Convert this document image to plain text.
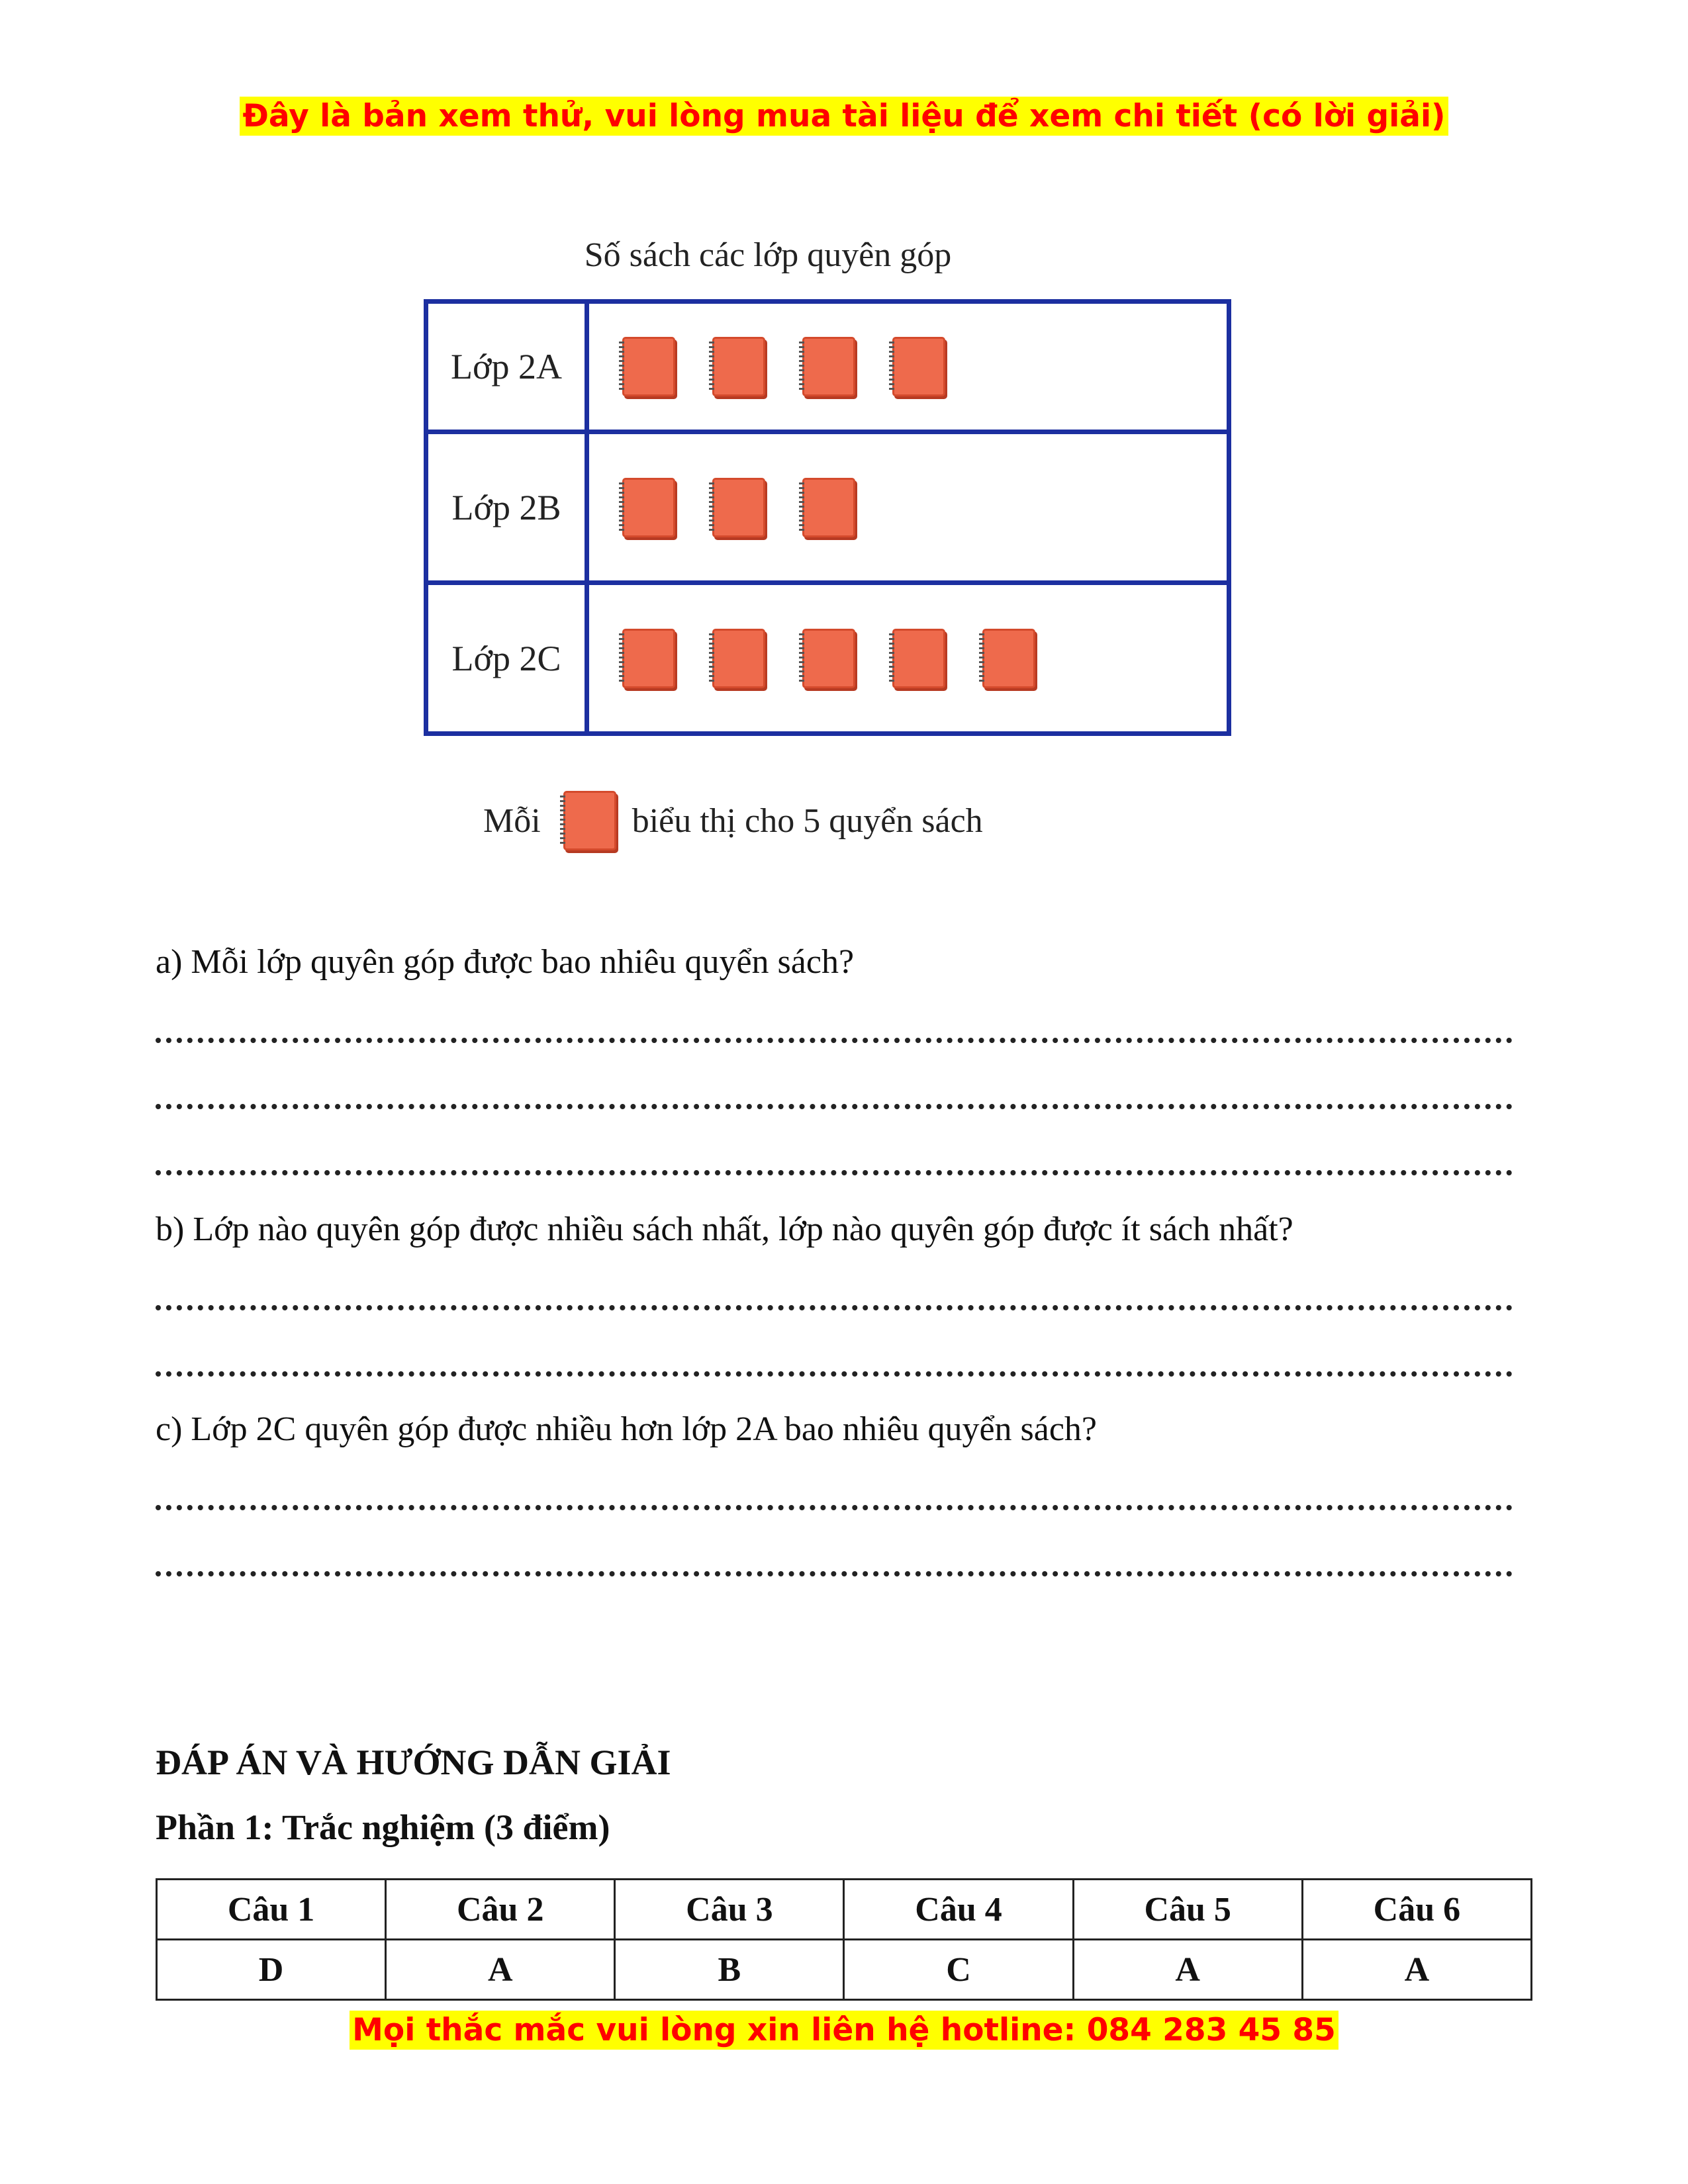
Đây là bản xem thử, vui lòng mua tài liệu để xem chi tiết (có lời giải)
Số sách các lớp quyên góp
Lớp 2A
Lớp 2B
Lớp 2C
Mỗi	biểu thị cho 5 quyển sách
a) Mỗi lớp quyên góp được bao nhiêu quyển sách?
b) Lớp nào quyên góp được nhiều sách nhất, lớp nào quyên góp được ít sách nhất?
c) Lớp 2C quyên góp được nhiều hơn lớp 2A bao nhiêu quyển sách?
ĐÁP ÁN VÀ HƯỚNG DẪN GIẢI
Phần 1: Trắc nghiệm (3 điểm)
Câu 1	Câu 2	Câu 3	Câu 4	Câu 5	Câu 6
D	A	B	C	A	A
Mọi thắc mắc vui lòng xin liên hệ hotline: 084 283 45 85
